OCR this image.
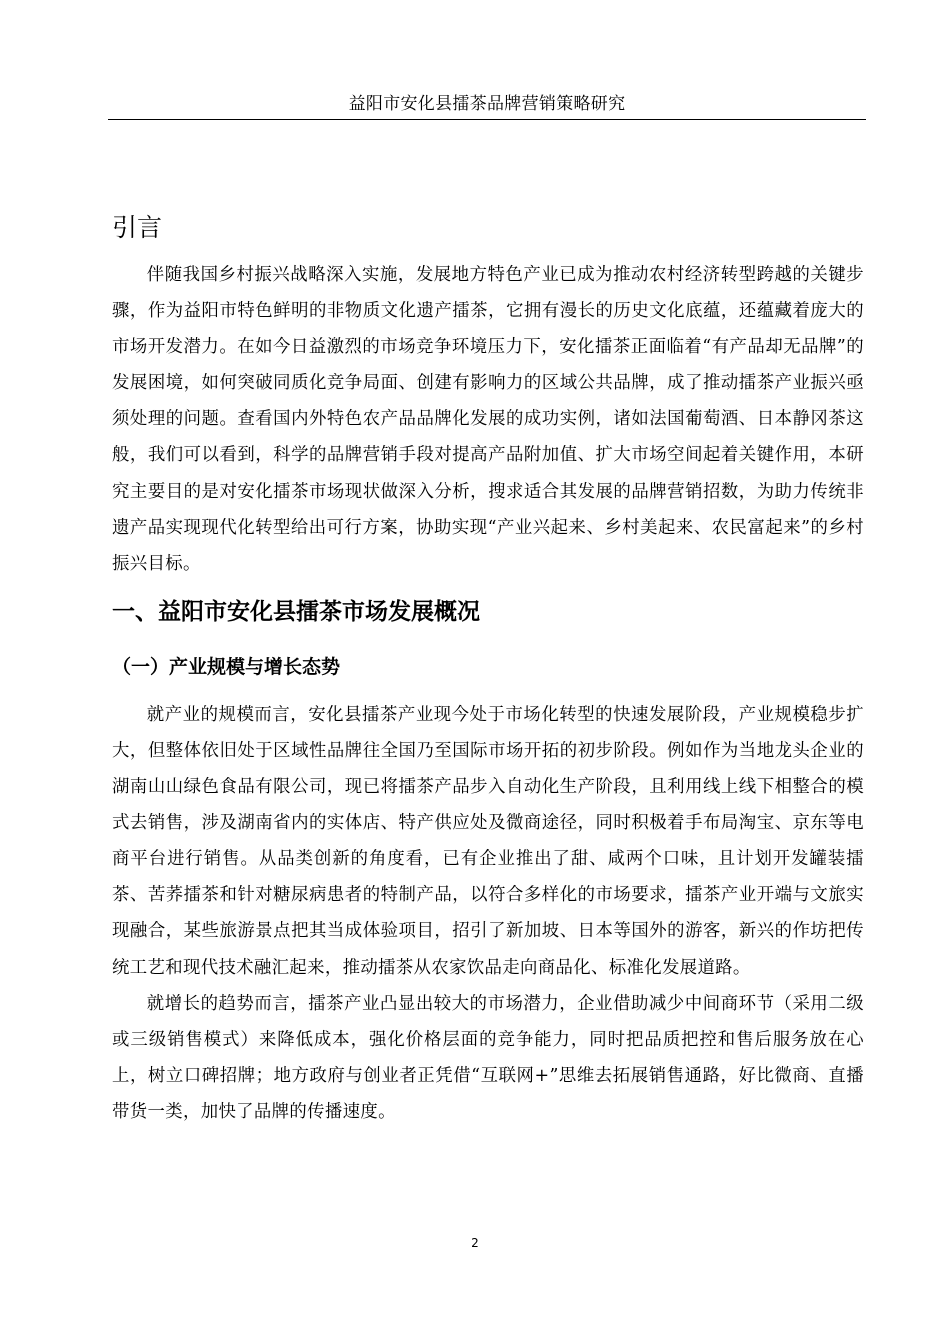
益阳市安化县擂茶品牌营销策略研究
引言

伴随我国乡村振兴战略深入实施，发展地方特色产业已成为推动农村经济转型跨越的关键步骤，作为益阳市特色鲜明的非物质文化遗产擂茶，它拥有漫长的历史文化底蕴，还蕴藏着庞大的市场开发潜力。在如今日益激烈的市场竞争环境压力下，安化擂茶正面临着“有产品却无品牌”的发展困境，如何突破同质化竞争局面、创建有影响力的区域公共品牌，成了推动擂茶产业振兴亟须处理的问题。查看国内外特色农产品品牌化发展的成功实例，诸如法国葡萄酒、日本静冈茶这般，我们可以看到，科学的品牌营销手段对提高产品附加值、扩大市场空间起着关键作用，本研究主要目的是对安化擂茶市场现状做深入分析，搜求适合其发展的品牌营销招数，为助力传统非遗产品实现现代化转型给出可行方案，协助实现“产业兴起来、乡村美起来、农民富起来”的乡村振兴目标。

一、益阳市安化县擂茶市场发展概况
（一）产业规模与增长态势

就产业的规模而言，安化县擂茶产业现今处于市场化转型的快速发展阶段，产业规模稳步扩大，但整体依旧处于区域性品牌往全国乃至国际市场开拓的初步阶段。例如作为当地龙头企业的湖南山山绿色食品有限公司，现已将擂茶产品步入自动化生产阶段，且利用线上线下相整合的模式去销售，涉及湖南省内的实体店、特产供应处及微商途径，同时积极着手布局淘宝、京东等电商平台进行销售。从品类创新的角度看，已有企业推出了甜、咸两个口味，且计划开发罐装擂茶、苦荞擂茶和针对糖尿病患者的特制产品，以符合多样化的市场要求，擂茶产业开端与文旅实现融合，某些旅游景点把其当成体验项目，招引了新加坡、日本等国外的游客，新兴的作坊把传统工艺和现代技术融汇起来，推动擂茶从农家饮品走向商品化、标准化发展道路。

就增长的趋势而言，擂茶产业凸显出较大的市场潜力，企业借助减少中间商环节（采用二级或三级销售模式）来降低成本，强化价格层面的竞争能力，同时把品质把控和售后服务放在心上，树立口碑招牌；地方政府与创业者正凭借“互联网+”思维去拓展销售通路，好比微商、直播带货一类，加快了品牌的传播速度。

2
